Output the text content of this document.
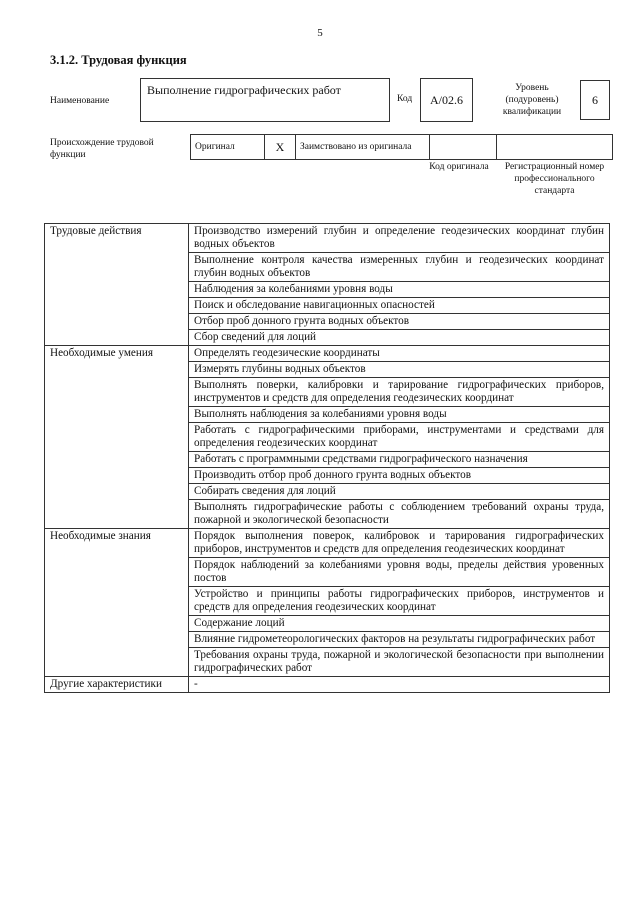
5
3.1.2. Трудовая функция
Наименование
Выполнение гидрографических работ
Код	A/02.6
Уровень (подуровень) квалификации
6
Происхождение трудовой функции
Оригинал	X	Заимствовано из оригинала		
Код оригинала	Регистрационный номер профессионального стандарта
Трудовые действия	Производство измерений глубин и определение геодезических координат глубин водных объектов
	Выполнение контроля качества измеренных глубин и геодезических координат глубин водных объектов
	Наблюдения за колебаниями уровня воды
	Поиск и обследование навигационных опасностей
	Отбор проб донного грунта водных объектов
	Сбор сведений для лоций
Необходимые умения	Определять геодезические координаты
	Измерять глубины водных объектов
	Выполнять поверки, калибровки и тарирование гидрографических приборов, инструментов и средств для определения геодезических координат
	Выполнять наблюдения за колебаниями уровня воды
	Работать с гидрографическими приборами, инструментами и средствами для определения геодезических координат
	Работать с программными средствами гидрографического назначения
	Производить отбор проб донного грунта водных объектов
	Собирать сведения для лоций
	Выполнять гидрографические работы с соблюдением требований охраны труда, пожарной и экологической безопасности
Необходимые знания	Порядок выполнения поверок, калибровок и тарирования гидрографических приборов, инструментов и средств для определения геодезических координат
	Порядок наблюдений за колебаниями уровня воды, пределы действия уровенных постов
	Устройство и принципы работы гидрографических приборов, инструментов и средств для определения геодезических координат
	Содержание лоций
	Влияние гидрометеорологических факторов на результаты гидрографических работ
	Требования охраны труда, пожарной и экологической безопасности при выполнении гидрографических работ
Другие характеристики	-
